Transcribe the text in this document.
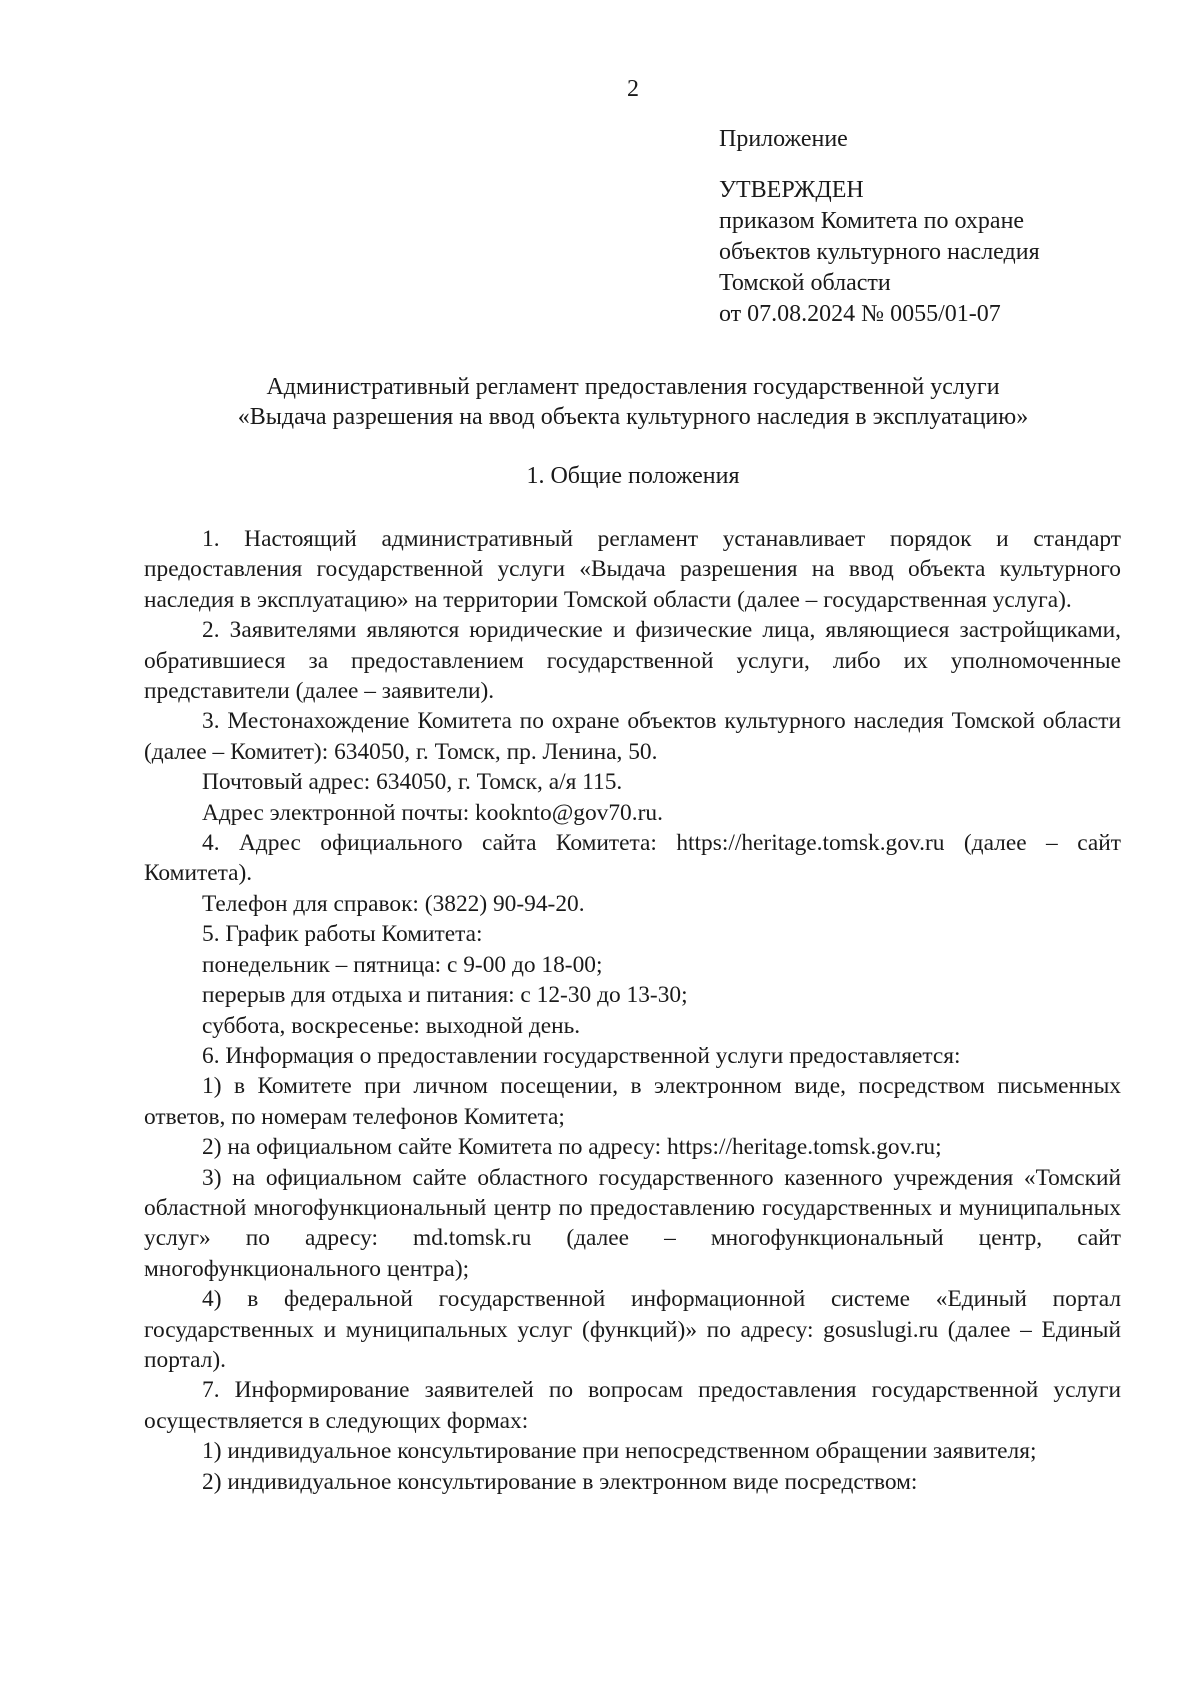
2
Приложение
УТВЕРЖДЕН
приказом Комитета по охране
объектов культурного наследия
Томской области
от 07.08.2024 № 0055/01-07
Административный регламент предоставления государственной услуги
«Выдача разрешения на ввод объекта культурного наследия в эксплуатацию»
1. Общие положения

1. Настоящий административный регламент устанавливает порядок и стандарт предоставления государственной услуги «Выдача разрешения на ввод объекта культурного наследия в эксплуатацию» на территории Томской области (далее – государственная услуга).

2. Заявителями являются юридические и физические лица, являющиеся застройщиками, обратившиеся за предоставлением государственной услуги, либо их уполномоченные представители (далее – заявители).

3. Местонахождение Комитета по охране объектов культурного наследия Томской области (далее – Комитет): 634050, г. Томск, пр. Ленина, 50.

Почтовый адрес: 634050, г. Томск, а/я 115.

Адрес электронной почты: kooknto@gov70.ru.

4. Адрес официального сайта Комитета: https://heritage.tomsk.gov.ru (далее – сайт Комитета).

Телефон для справок: (3822) 90-94-20.

5. График работы Комитета:

понедельник – пятница: с 9-00 до 18-00;

перерыв для отдыха и питания: с 12-30 до 13-30;

суббота, воскресенье: выходной день.

6. Информация о предоставлении государственной услуги предоставляется:

1) в Комитете при личном посещении, в электронном виде, посредством письменных ответов, по номерам телефонов Комитета;

2) на официальном сайте Комитета по адресу: https://heritage.tomsk.gov.ru;

3) на официальном сайте областного государственного казенного учреждения «Томский областной многофункциональный центр по предоставлению государственных и муниципальных услуг» по адресу: md.tomsk.ru (далее – многофункциональный центр, сайт многофункционального центра);

4) в федеральной государственной информационной системе «Единый портал государственных и муниципальных услуг (функций)» по адресу: gosuslugi.ru (далее – Единый портал).

7. Информирование заявителей по вопросам предоставления государственной услуги осуществляется в следующих формах:

1) индивидуальное консультирование при непосредственном обращении заявителя;

2) индивидуальное консультирование в электронном виде посредством:
